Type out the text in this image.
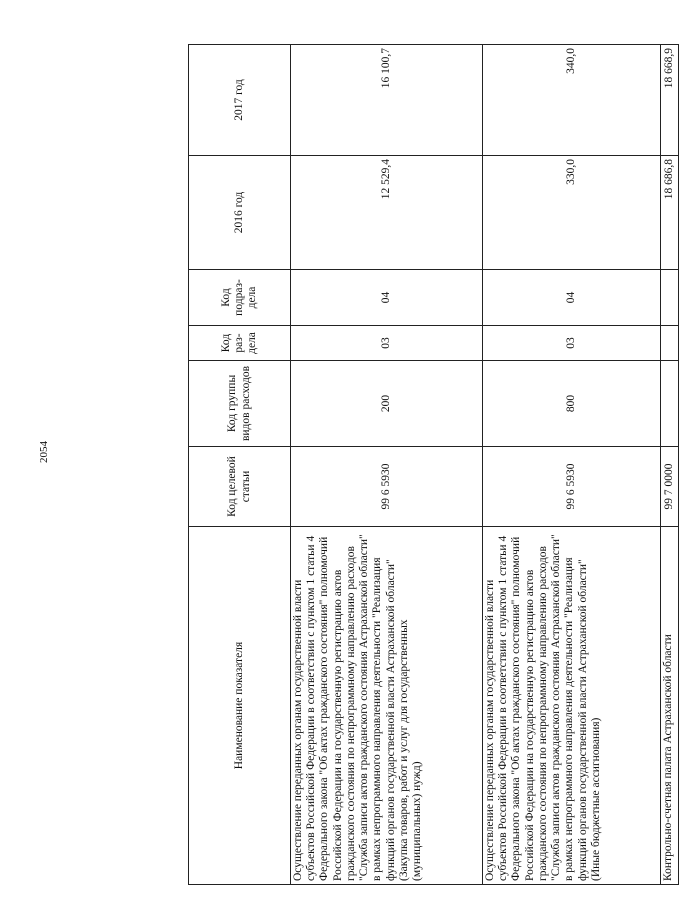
2054
Наименование показателя	Код целевой статьи	Код группы видов расходов	Код раз-дела	Код подраз-дела	2016 год	2017 год
Осуществление переданных органам государственной власти субъектов Российской Федерации в соответствии с пунктом 1 статьи 4 Федерального закона "Об актах гражданского состояния" полномочий Российской Федерации на государственную регистрацию актов гражданского состояния по непрограммному направлению расходов "Служба записи актов гражданского состояния Астраханской области" в рамках непрограммного направления деятельности "Реализация функций органов государственной власти Астраханской области" (Закупка товаров, работ и услуг для государственных (муниципальных) нужд)	99 6 5930	200	03	04	12 529,4	16 100,7
Осуществление переданных органам государственной власти субъектов Российской Федерации в соответствии с пунктом 1 статьи 4 Федерального закона "Об актах гражданского состояния" полномочий Российской Федерации на государственную регистрацию актов гражданского состояния по непрограммному направлению расходов "Служба записи актов гражданского состояния Астраханской области" в рамках непрограммного направления деятельности "Реализация функций органов государственной власти Астраханской области" (Иные бюджетные ассигнования)	99 6 5930	800	03	04	330,0	340,0
Контрольно-счетная палата Астраханской области	99 7 0000				18 686,8	18 668,9
